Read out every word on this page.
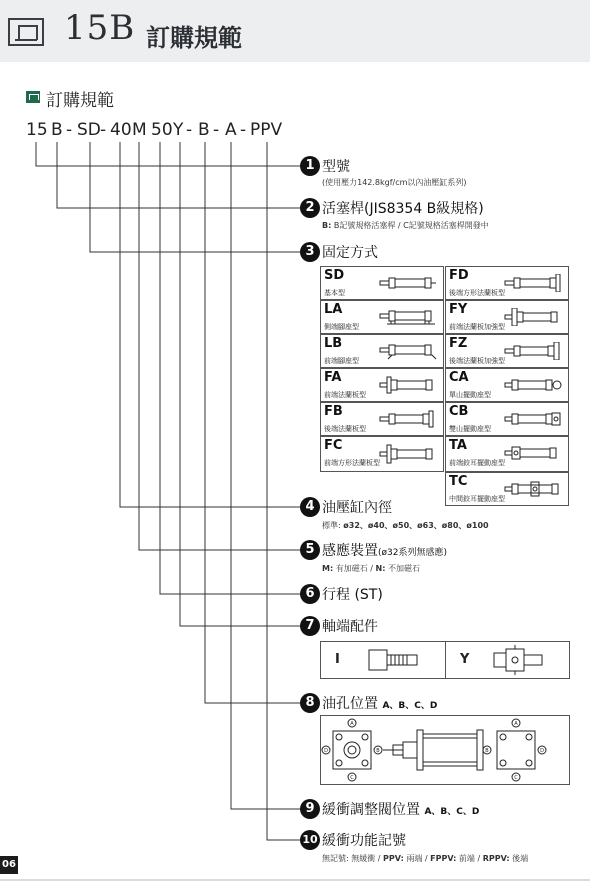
15B 訂購規範
訂購規範
15 B - SD - 40 M 50 Y - B - A - PPV
1 型號
(使用壓力142.8kgf/cm以內油壓缸系列)
2 活塞桿(JIS8354 B級規格)
B: B記號規格活塞桿 / C記號規格活塞桿開發中
3 固定方式
SD
基本型
FD
後端方形法蘭板型
LA
側端腳座型
FY
前端法蘭板加強型
LB
前端腳座型
FZ
後端法蘭板加強型
FA
前端法蘭板型
CA
單山擺動座型
FB
後端法蘭板型
CB
雙山擺動座型
FC
前端方形法蘭板型
TA
前端鉸耳擺動座型
TC
中間鉸耳擺動座型
4 油壓缸內徑
標準: ø32、ø40、ø50、ø63、ø80、ø100
5 感應裝置(ø32系列無感應)
M: 有加磁石 / N: 不加磁石
6 行程 (ST)
7 軸端配件
I	Y
8 油孔位置 A、B、C、D
A
B
C
D
A
B
C
D
9 緩衝調整閥位置 A、B、C、D
10 緩衝功能記號
無記號: 無緩衝 / PPV: 兩端 / FPPV: 前端 / RPPV: 後端
06
